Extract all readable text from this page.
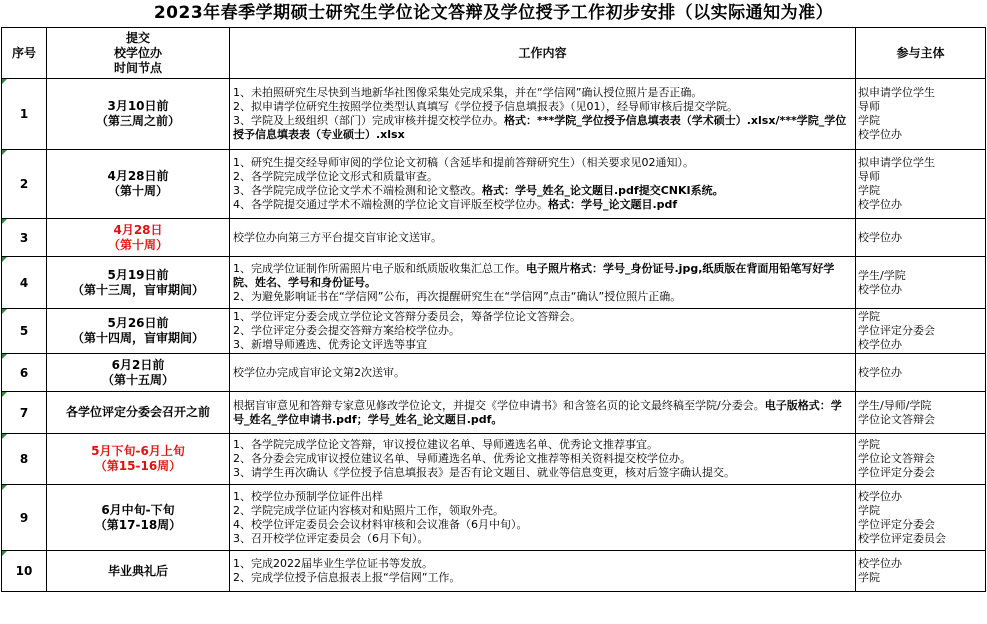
2023年春季学期硕士研究生学位论文答辩及学位授予工作初步安排（以实际通知为准）
序号	提交
校学位办
时间节点	工作内容	参与主体
1	3月10日前
（第三周之前）	1、未拍照研究生尽快到当地新华社图像采集处完成采集，并在“学信网”确认授位照片是否正确。
2、拟申请学位研究生按照学位类型认真填写《学位授予信息填报表》（见01），经导师审核后提交学院。
3、学院及上级组织（部门）完成审核并提交校学位办。格式：***学院_学位授予信息填表表（学术硕士）.xlsx/***学院_学位授予信息填表表（专业硕士）.xlsx	拟申请学位学生
导师
学院
校学位办

2	4月28日前
（第十周）	1、研究生提交经导师审阅的学位论文初稿（含延毕和提前答辩研究生）（相关要求见02通知）。
2、各学院完成学位论文形式和质量审查。
3、各学院完成学位论文学术不端检测和论文整改。格式：学号_姓名_论文题目.pdf提交CNKI系统。
4、各学院提交通过学术不端检测的学位论文盲评版至校学位办。格式：学号_论文题目.pdf	拟申请学位学生
导师
学院
校学位办

3	4月28日
（第十周）	校学位办向第三方平台提交盲审论文送审。	校学位办

4	5月19日前
（第十三周，盲审期间）	1、完成学位证制作所需照片电子版和纸质版收集汇总工作。电子照片格式：学号_身份证号.jpg,纸质版在背面用铅笔写好学院、姓名、学号和身份证号。
2、为避免影响证书在“学信网”公布，再次提醒研究生在“学信网”点击“确认”授位照片正确。	学生/学院
校学位办

5	5月26日前
（第十四周，盲审期间）	1、学位评定分委会成立学位论文答辩分委员会，筹备学位论文答辩会。
2、学位评定分委会提交答辩方案给校学位办。
3、新增导师遴选、优秀论文评选等事宜	学院
学位评定分委会
校学位办

6	6月2日前
（第十五周）	校学位办完成盲审论文第2次送审。	校学位办

7	各学位评定分委会召开之前	根据盲审意见和答辩专家意见修改学位论文，并提交《学位申请书》和含签名页的论文最终稿至学院/分委会。电子版格式：学号_姓名_学位申请书.pdf；学号_姓名_论文题目.pdf。	学生/导师/学院
学位论文答辩会

8	5月下旬-6月上旬
（第15-16周）	1、各学院完成学位论文答辩，审议授位建议名单、导师遴选名单、优秀论文推荐事宜。
2、各分委会完成审议授位建议名单、导师遴选名单、优秀论文推荐等相关资料提交校学位办。
3、请学生再次确认《学位授予信息填报表》是否有论文题目、就业等信息变更，核对后签字确认提交。	学院
学位论文答辩会
学位评定分委会

9	6月中旬-下旬
（第17-18周）	1、校学位办预制学位证件出样
2、学院完成学位证内容核对和贴照片工作，领取外壳。
4、校学位评定委员会会议材料审核和会议准备（6月中旬）。
3、召开校学位评定委员会（6月下旬）。	校学位办
学院
学位评定分委会
校学位评定委员会

10	毕业典礼后	1、完成2022届毕业生学位证书等发放。
2、完成学位授予信息报表上报“学信网”工作。	校学位办
学院
